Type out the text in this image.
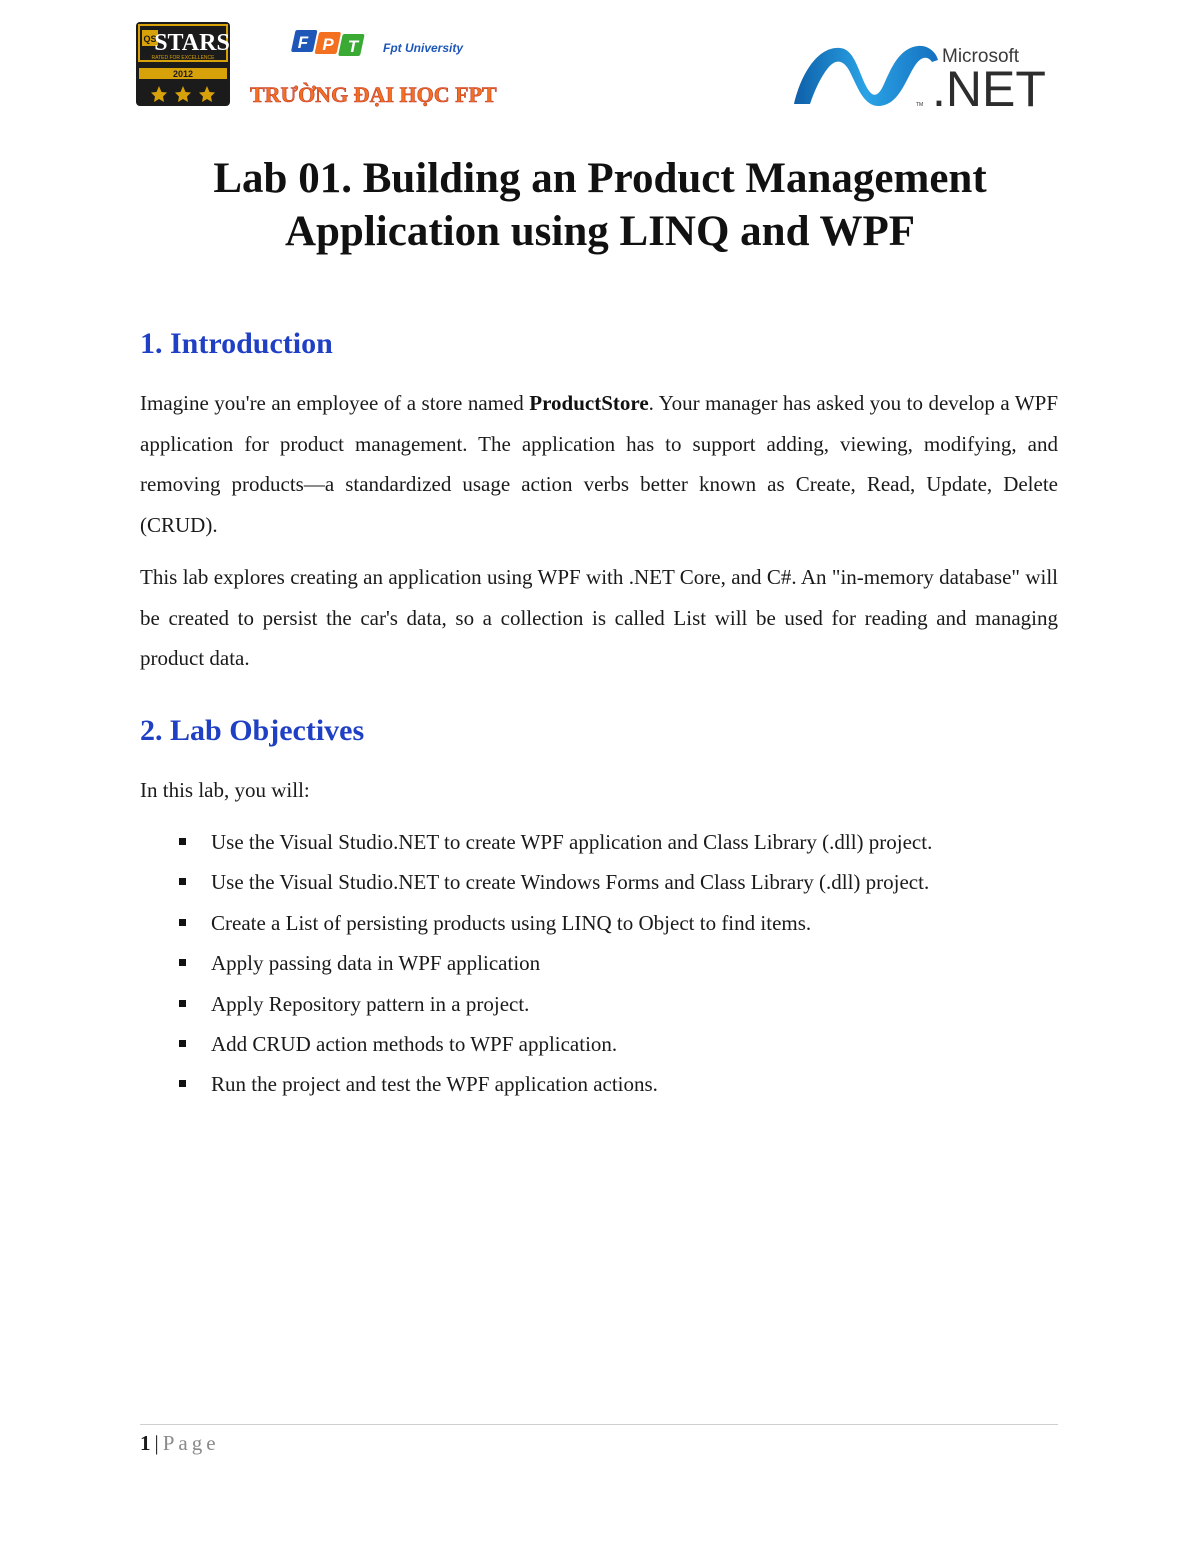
QS
STARS
RATED FOR EXCELLENCE
2012
F P T Fpt University
TRƯỜNG ĐẠI HỌC FPT
Microsoft
.NET
TM
Lab 01. Building an Product Management
Application using LINQ and WPF
1. Introduction

Imagine you're an employee of a store named ProductStore. Your manager has asked you to develop a WPF application for product management. The application has to support adding, viewing, modifying, and removing products—a standardized usage action verbs better known as Create, Read, Update, Delete (CRUD).

This lab explores creating an application using WPF with .NET Core, and C#. An "in-memory database" will be created to persist the car's data, so a collection is called List will be used for reading and managing product data.

2. Lab Objectives

In this lab, you will:

Use the Visual Studio.NET to create WPF application and Class Library (.dll) project.
Use the Visual Studio.NET to create Windows Forms and Class Library (.dll) project.
Create a List of persisting products using LINQ to Object to find items.
Apply passing data in WPF application
Apply Repository pattern in a project.
Add CRUD action methods to WPF application.
Run the project and test the WPF application actions.
1 | Page
